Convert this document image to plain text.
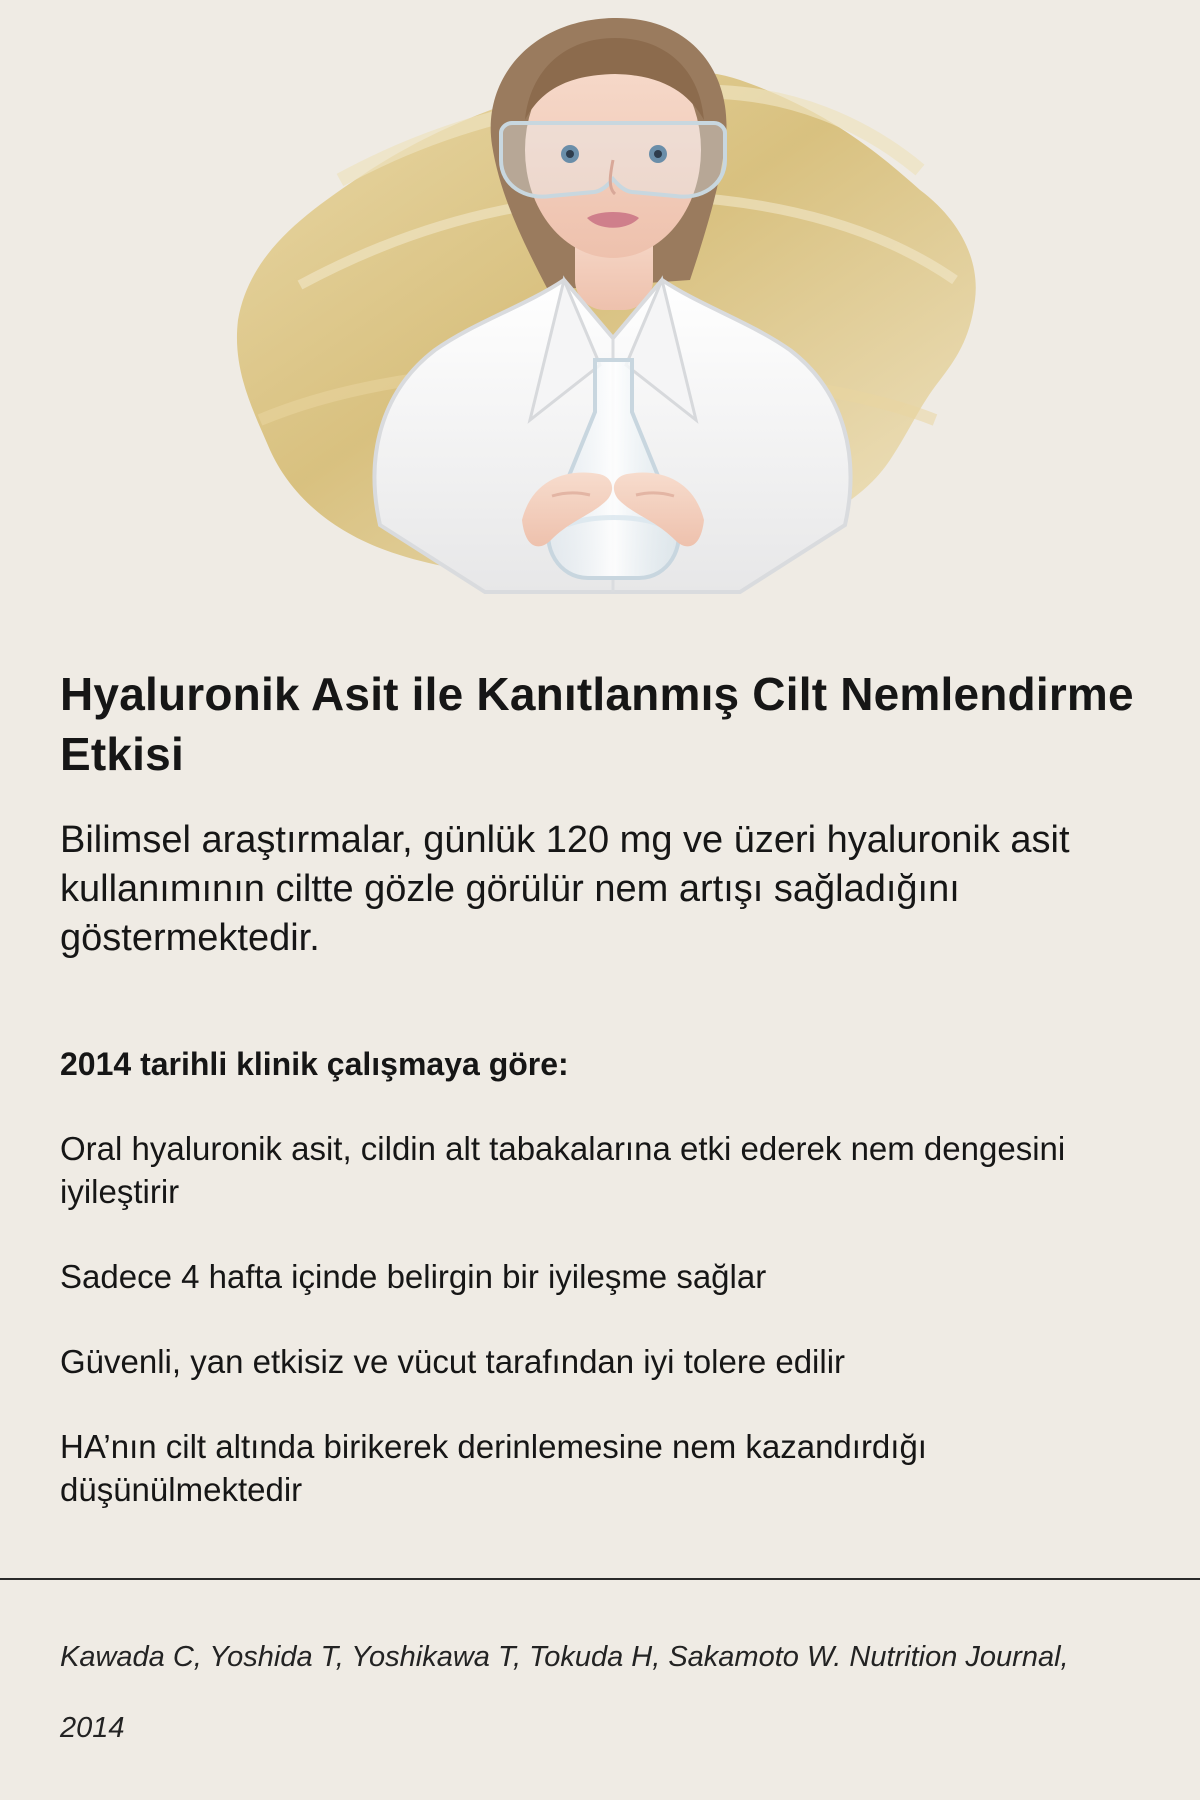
Hyaluronik Asit ile Kanıtlanmış Cilt Nemlendirme Etkisi

Bilimsel araştırmalar, günlük 120 mg ve üzeri hyaluronik asit kullanımının ciltte gözle görülür nem artışı sağladığını göstermektedir.

2014 tarihli klinik çalışmaya göre:
Oral hyaluronik asit, cildin alt tabakalarına etki ederek nem dengesini iyileştirir
Sadece 4 hafta içinde belirgin bir iyileşme sağlar
Güvenli, yan etkisiz ve vücut tarafından iyi tolere edilir
HA’nın cilt altında birikerek derinlemesine nem kazandırdığı düşünülmektedir

Kawada C, Yoshida T, Yoshikawa T, Tokuda H, Sakamoto W. Nutrition Journal, 2014
